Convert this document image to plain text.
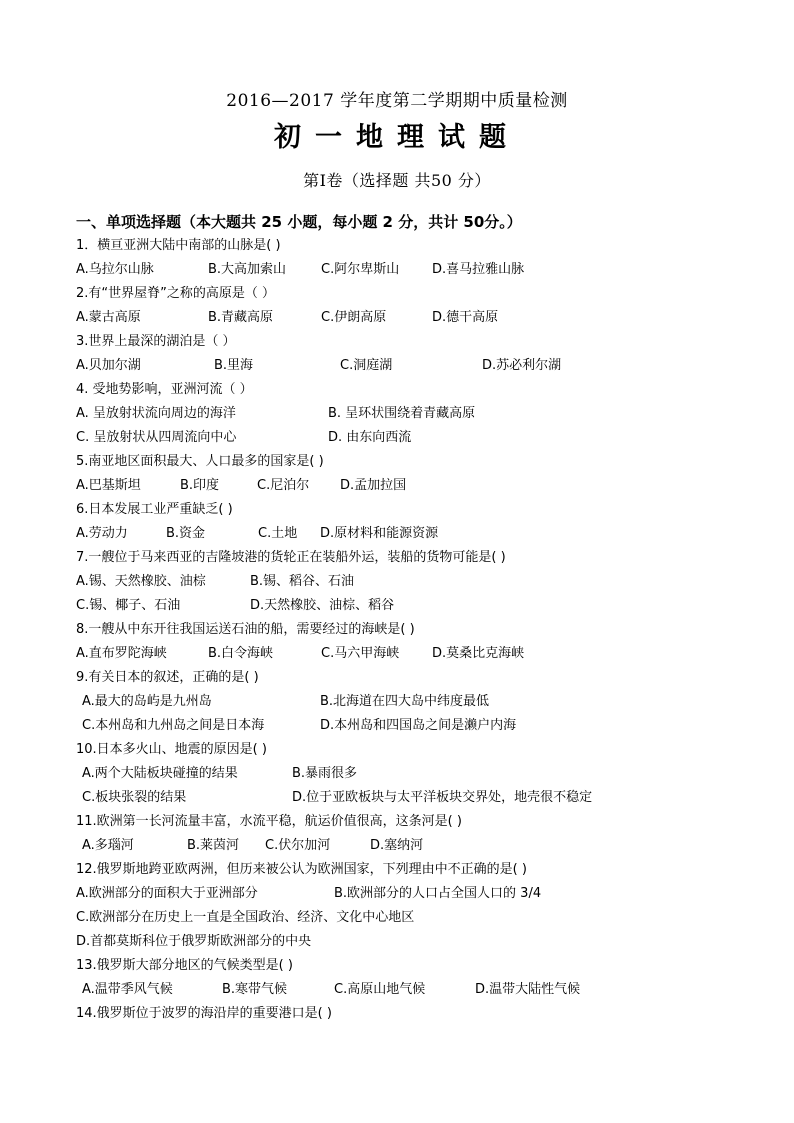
2016—2017 学年度第二学期期中质量检测
初一地理试题
第Ⅰ卷（选择题 共50 分）
一、单项选择题（本大题共 25 小题，每小题 2 分，共计 50分。）
1．横亘亚洲大陆中南部的山脉是( )
A.乌拉尔山脉	B.大高加索山	C.阿尔卑斯山	D.喜马拉雅山脉
2.有“世界屋脊”之称的高原是（ ）
A.蒙古高原	B.青藏高原	C.伊朗高原	D.德干高原
3.世界上最深的湖泊是（ ）
A.贝加尔湖	B.里海	C.洞庭湖	D.苏必利尔湖
4. 受地势影响，亚洲河流（ ）
A. 呈放射状流向周边的海洋	B. 呈环状围绕着青藏高原
C. 呈放射状从四周流向中心	D. 由东向西流
5.南亚地区面积最大、人口最多的国家是( )
A.巴基斯坦	B.印度	C.尼泊尔 D.孟加拉国
6.日本发展工业严重缺乏( )
A.劳动力	B.资金	C.土地 D.原材料和能源资源
7.一艘位于马来西亚的吉隆坡港的货轮正在装船外运，装船的货物可能是( )
A.锡、天然橡胶、油棕	B.锡、稻谷、石油
C.锡、椰子、石油	D.天然橡胶、油棕、稻谷
8.一艘从中东开往我国运送石油的船，需要经过的海峡是( )
A.直布罗陀海峡	B.白令海峡	C.马六甲海峡	D.莫桑比克海峡
9.有关日本的叙述，正确的是( )
A.最大的岛屿是九州岛	B.北海道在四大岛中纬度最低
C.本州岛和九州岛之间是日本海	D.本州岛和四国岛之间是濑户内海
10.日本多火山、地震的原因是( )
A.两个大陆板块碰撞的结果	B.暴雨很多
C.板块张裂的结果	D.位于亚欧板块与太平洋板块交界处，地壳很不稳定
11.欧洲第一长河流量丰富，水流平稳，航运价值很高，这条河是( )
A.多瑙河	B.莱茵河 C.伏尔加河	D.塞纳河
12.俄罗斯地跨亚欧两洲，但历来被公认为欧洲国家，下列理由中不正确的是( )
A.欧洲部分的面积大于亚洲部分	B.欧洲部分的人口占全国人口的 3/4
C.欧洲部分在历史上一直是全国政治、经济、文化中心地区
D.首都莫斯科位于俄罗斯欧洲部分的中央
13.俄罗斯大部分地区的气候类型是( )
A.温带季风气候	B.寒带气候	C.高原山地气候	D.温带大陆性气候
14.俄罗斯位于波罗的海沿岸的重要港口是( )
